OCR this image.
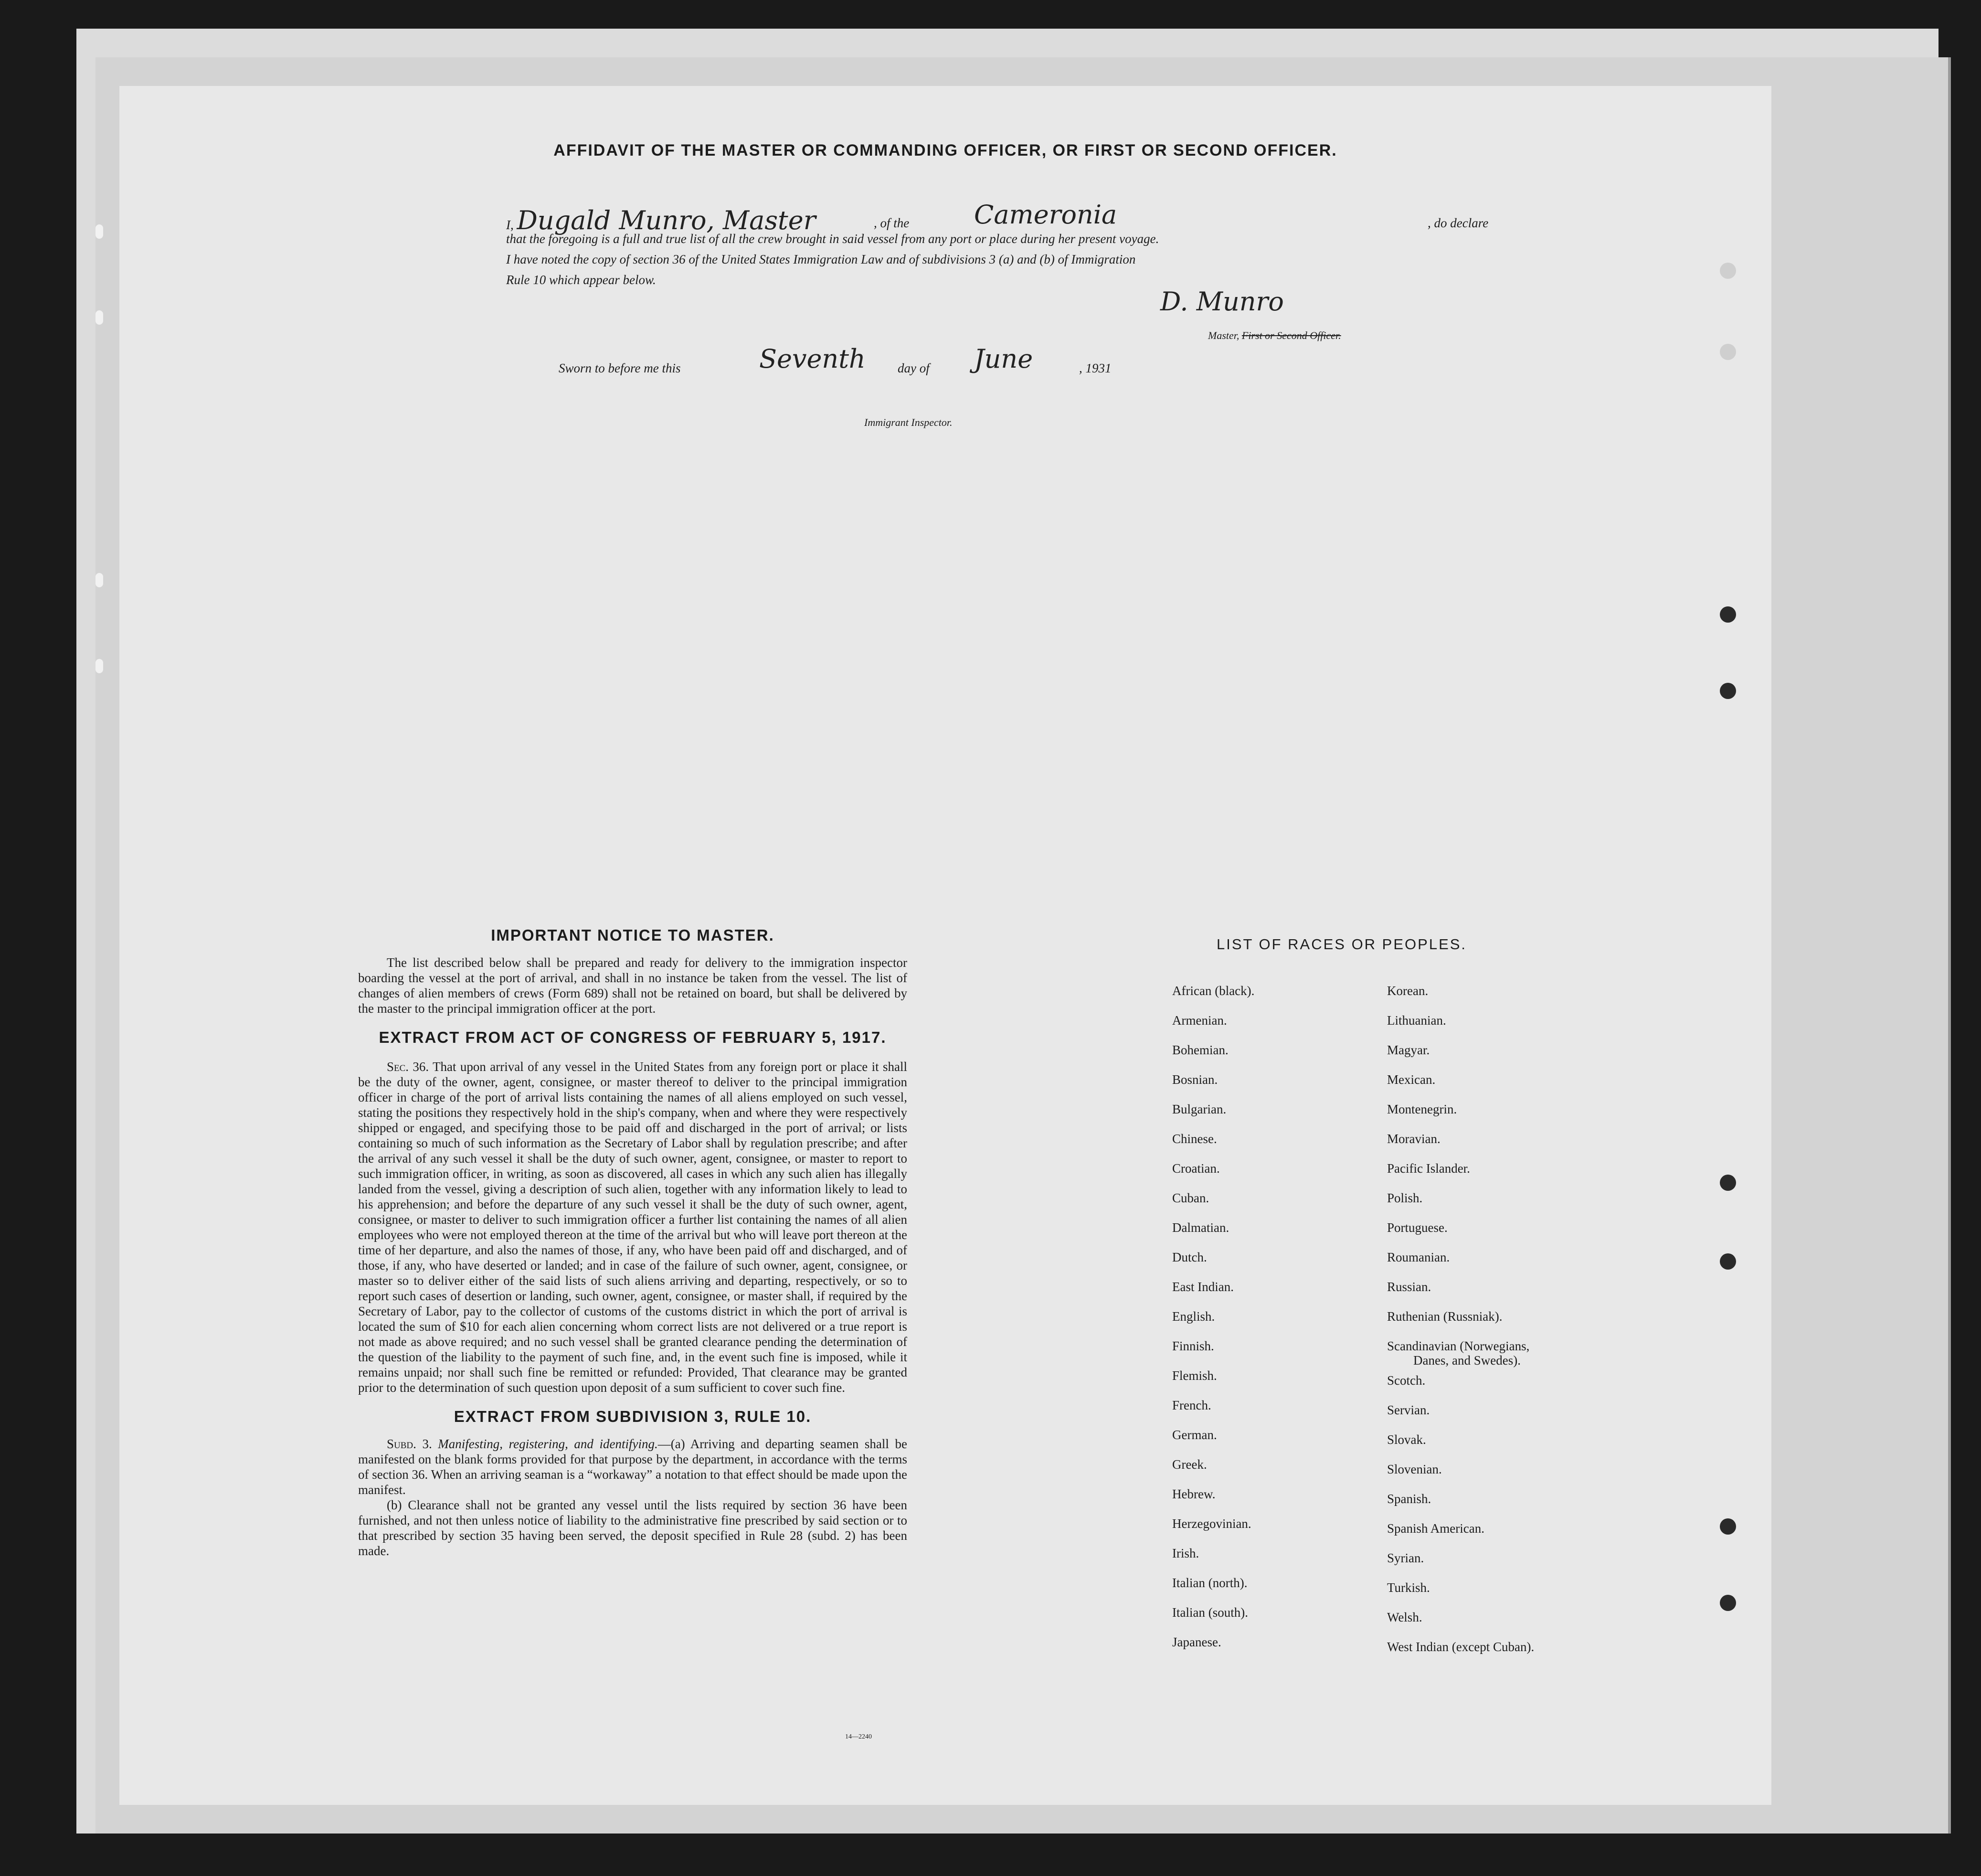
AFFIDAVIT OF THE MASTER OR COMMANDING OFFICER, OR FIRST OR SECOND OFFICER.
I, Dugald Munro, Master	, of the	Cameronia	, do declare
that the foregoing is a full and true list of all the crew brought in said vessel from any port or place during her present voyage.
I have noted the copy of section 36 of the United States Immigration Law and of subdivisions 3 (a) and (b) of Immigration
Rule 10 which appear below.
D. Munro
Master, First or Second Officer.
Sworn to before me this	Seventh day of June	, 1931
Immigrant Inspector.
IMPORTANT NOTICE TO MASTER.
The list described below shall be prepared and ready for delivery to the immigration inspector boarding the vessel at the port of arrival, and shall in no instance be taken from the vessel. The list of changes of alien members of crews (Form 689) shall not be retained on board, but shall be delivered by the master to the principal immigration officer at the port.
EXTRACT FROM ACT OF CONGRESS OF FEBRUARY 5, 1917.
Sec. 36. That upon arrival of any vessel in the United States from any foreign port or place it shall be the duty of the owner, agent, consignee, or master thereof to deliver to the principal immigration officer in charge of the port of arrival lists containing the names of all aliens employed on such vessel, stating the positions they respectively hold in the ship's company, when and where they were respectively shipped or engaged, and specifying those to be paid off and discharged in the port of arrival; or lists containing so much of such information as the Secretary of Labor shall by regulation prescribe; and after the arrival of any such vessel it shall be the duty of such owner, agent, consignee, or master to report to such immigration officer, in writing, as soon as discovered, all cases in which any such alien has illegally landed from the vessel, giving a description of such alien, together with any information likely to lead to his apprehension; and before the departure of any such vessel it shall be the duty of such owner, agent, consignee, or master to deliver to such immigration officer a further list containing the names of all alien employees who were not employed thereon at the time of the arrival but who will leave port thereon at the time of her departure, and also the names of those, if any, who have been paid off and discharged, and of those, if any, who have deserted or landed; and in case of the failure of such owner, agent, consignee, or master so to deliver either of the said lists of such aliens arriving and departing, respectively, or so to report such cases of desertion or landing, such owner, agent, consignee, or master shall, if required by the Secretary of Labor, pay to the collector of customs of the customs district in which the port of arrival is located the sum of $10 for each alien concerning whom correct lists are not delivered or a true report is not made as above required; and no such vessel shall be granted clearance pending the determination of the question of the liability to the payment of such fine, and, in the event such fine is imposed, while it remains unpaid; nor shall such fine be remitted or refunded: Provided, That clearance may be granted prior to the determination of such question upon deposit of a sum sufficient to cover such fine.
EXTRACT FROM SUBDIVISION 3, RULE 10.
Subd. 3. Manifesting, registering, and identifying.—(a) Arriving and departing seamen shall be manifested on the blank forms provided for that purpose by the department, in accordance with the terms of section 36. When an arriving seaman is a “workaway” a notation to that effect should be made upon the manifest.
(b) Clearance shall not be granted any vessel until the lists required by section 36 have been furnished, and not then unless notice of liability to the administrative fine prescribed by said section or to that prescribed by section 35 having been served, the deposit specified in Rule 28 (subd. 2) has been made.
14—2240
LIST OF RACES OR PEOPLES.
African (black).
Armenian.
Bohemian.
Bosnian.
Bulgarian.
Chinese.
Croatian.
Cuban.
Dalmatian.
Dutch.
East Indian.
English.
Finnish.
Flemish.
French.
German.
Greek.
Hebrew.
Herzegovinian.
Irish.
Italian (north).
Italian (south).
Japanese.
Korean.
Lithuanian.
Magyar.
Mexican.
Montenegrin.
Moravian.
Pacific Islander.
Polish.
Portuguese.
Roumanian.
Russian.
Ruthenian (Russniak).
Scandinavian (Norwegians,
Scotch.
Servian.
Slovak.
Slovenian.
Spanish.
Spanish American.
Syrian.
Turkish.
Welsh.
West Indian (except Cuban).
Danes, and Swedes).
